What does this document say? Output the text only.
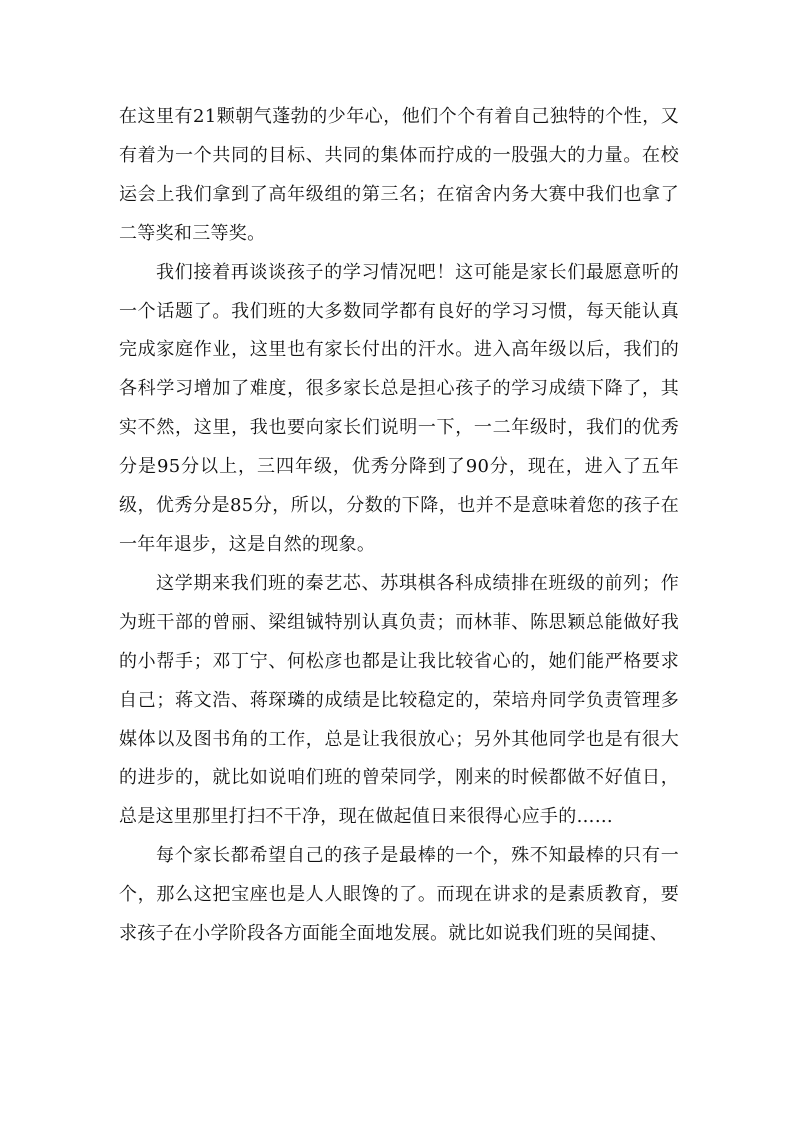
在这里有21颗朝气蓬勃的少年心，他们个个有着自己独特的个性，又有着为一个共同的目标、共同的集体而拧成的一股强大的力量。在校运会上我们拿到了高年级组的第三名；在宿舍内务大赛中我们也拿了二等奖和三等奖。

我们接着再谈谈孩子的学习情况吧！这可能是家长们最愿意听的一个话题了。我们班的大多数同学都有良好的学习习惯，每天能认真完成家庭作业，这里也有家长付出的汗水。进入高年级以后，我们的各科学习增加了难度，很多家长总是担心孩子的学习成绩下降了，其实不然，这里，我也要向家长们说明一下，一二年级时，我们的优秀分是95分以上，三四年级，优秀分降到了90分，现在，进入了五年级，优秀分是85分，所以，分数的下降，也并不是意味着您的孩子在一年年退步，这是自然的现象。

这学期来我们班的秦艺芯、苏琪棋各科成绩排在班级的前列；作为班干部的曾丽、梁组铖特别认真负责；而林菲、陈思颖总能做好我的小帮手；邓丁宁、何松彦也都是让我比较省心的，她们能严格要求自己；蒋文浩、蒋琛璘的成绩是比较稳定的，荣培舟同学负责管理多媒体以及图书角的工作，总是让我很放心；另外其他同学也是有很大的进步的，就比如说咱们班的曾荣同学，刚来的时候都做不好值日，总是这里那里打扫不干净，现在做起值日来很得心应手的……

每个家长都希望自己的孩子是最棒的一个，殊不知最棒的只有一个，那么这把宝座也是人人眼馋的了。而现在讲求的是素质教育，要求孩子在小学阶段各方面能全面地发展。就比如说我们班的吴闻捷、
